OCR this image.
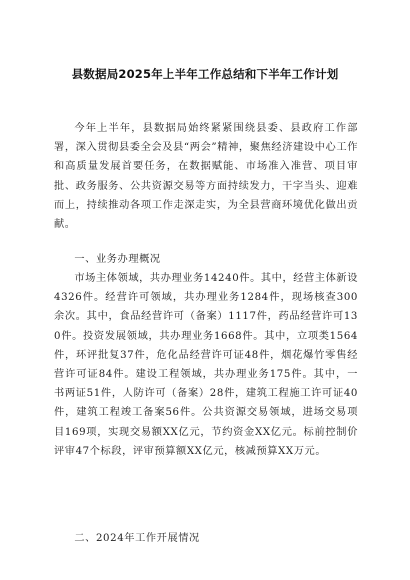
县数据局2025年上半年工作总结和下半年工作计划

今年上半年，县数据局始终紧紧围绕县委、县政府工作部署，深入贯彻县委全会及县“两会”精神，聚焦经济建设中心工作和高质量发展首要任务，在数据赋能、市场准入准营、项目审批、政务服务、公共资源交易等方面持续发力，干字当头、迎难而上，持续推动各项工作走深走实，为全县营商环境优化做出贡献。

一、业务办理概况

市场主体领域，共办理业务14240件。其中，经营主体新设4326件。经营许可领域，共办理业务1284件，现场核查300余次。其中，食品经营许可（备案）1117件，药品经营许可130件。投资发展领域，共办理业务1668件。其中，立项类1564件，环评批复37件，危化品经营许可证48件，烟花爆竹零售经营许可证84件。建设工程领域，共办理业务175件。其中，一书两证51件，人防许可（备案）28件，建筑工程施工许可证40件，建筑工程竣工备案56件。公共资源交易领域，进场交易项目169项，实现交易额XX亿元，节约资金XX亿元。标前控制价评审47个标段，评审预算额XX亿元，核减预算XX万元。

二、2024年工作开展情况
